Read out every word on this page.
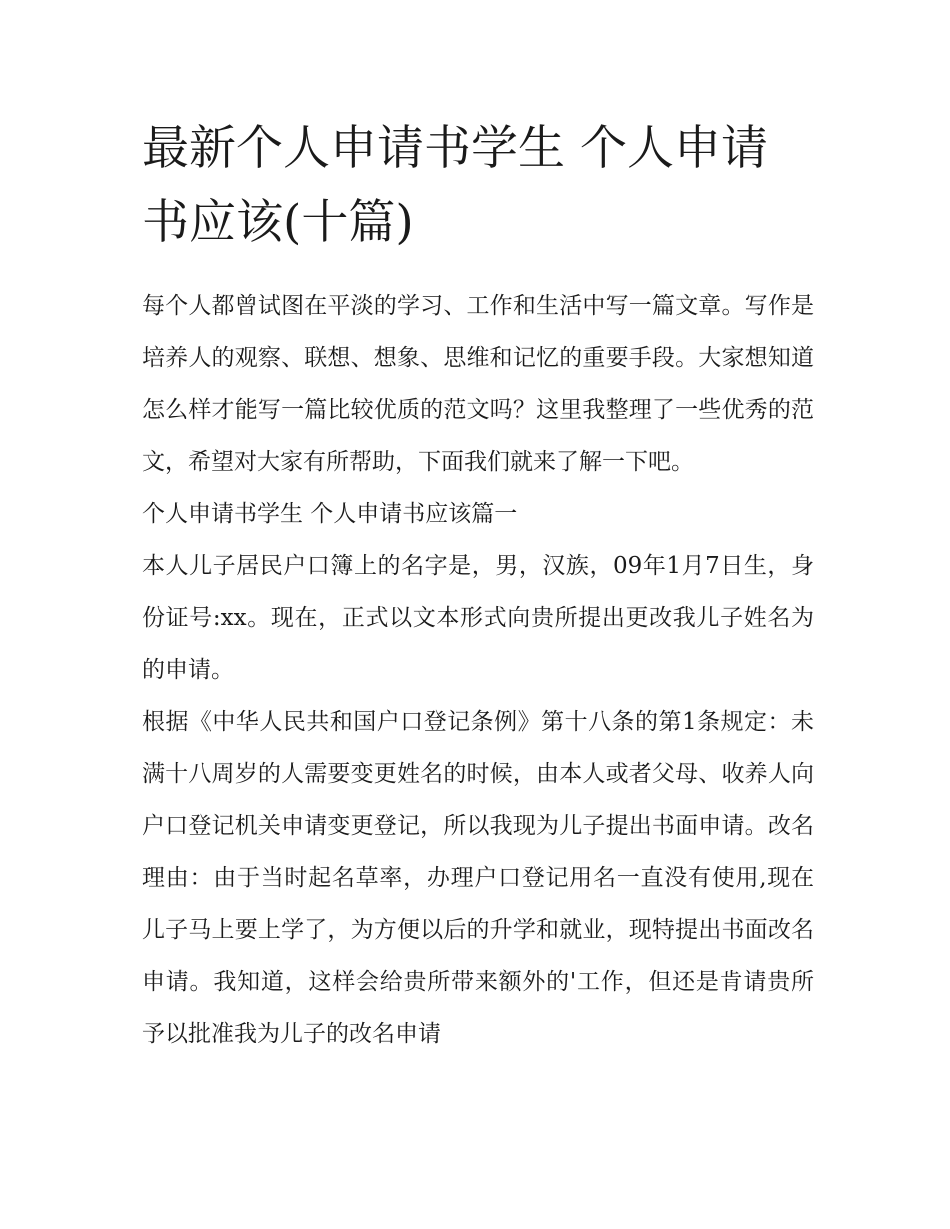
最新个人申请书学生 个人申请书应该(十篇)

每个人都曾试图在平淡的学习、工作和生活中写一篇文章。写作是培养人的观察、联想、想象、思维和记忆的重要手段。大家想知道怎么样才能写一篇比较优质的范文吗？这里我整理了一些优秀的范文，希望对大家有所帮助，下面我们就来了解一下吧。

个人申请书学生 个人申请书应该篇一

本人儿子居民户口簿上的名字是，男，汉族，09年1月7日生，身份证号:xx。现在，正式以文本形式向贵所提出更改我儿子姓名为的申请。

根据《中华人民共和国户口登记条例》第十八条的第1条规定：未满十八周岁的人需要变更姓名的时候，由本人或者父母、收养人向户口登记机关申请变更登记，所以我现为儿子提出书面申请。改名理由：由于当时起名草率，办理户口登记用名一直没有使用,现在儿子马上要上学了，为方便以后的升学和就业，现特提出书面改名申请。我知道，这样会给贵所带来额外的'工作，但还是肯请贵所予以批准我为儿子的改名申请
